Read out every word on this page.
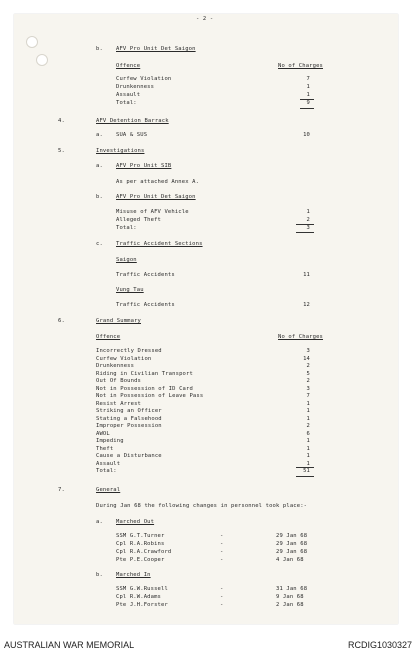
- 2 -
b. AFV Pro Unit Det Saigon
Offence	No of Charges
Curfew Violation	7
Drunkenness	1
Assault	1
Total:	9
4.	AFV Detention Barrack
a. SUA & SUS	10
5.	Investigations
a. AFV Pro Unit SIB
As per attached Annex A.
b. AFV Pro Unit Det Saigon
Misuse of AFV Vehicle	1
Alleged Theft	2
Total:	3
c. Traffic Accident Sections
Saigon
Traffic Accidents	11
Vung Tau
Traffic Accidents	12
6.	Grand Summary
Offence	No of Charges
Incorrectly Dressed	3
Curfew Violation	14
Drunkenness	2
Riding in Civilian Transport	5
Out Of Bounds	2
Not in Possession of ID Card	3
Not in Possession of Leave Pass	7
Resist Arrest	1
Striking an Officer	1
Stating a Falsehood	1
Improper Possession	2
AWOL	6
Impeding	1
Theft	1
Cause a Disturbance	1
Assault	1
Total:	51
7.	General
During Jan 68 the following changes in personnel took place:-
a. Marched Out
SSM G.T.Turner	-	29 Jan 68
Cpl R.A.Robins	-	29 Jan 68
Cpl R.A.Crawford	-	29 Jan 68
Pte P.E.Cooper	-	4 Jan 68
b. Marched In
SSM G.W.Russell	-	31 Jan 68
Cpl R.W.Adams	-	9 Jan 68
Pte J.H.Forster	-	2 Jan 68
AUSTRALIAN WAR MEMORIAL	RCDIG1030327
